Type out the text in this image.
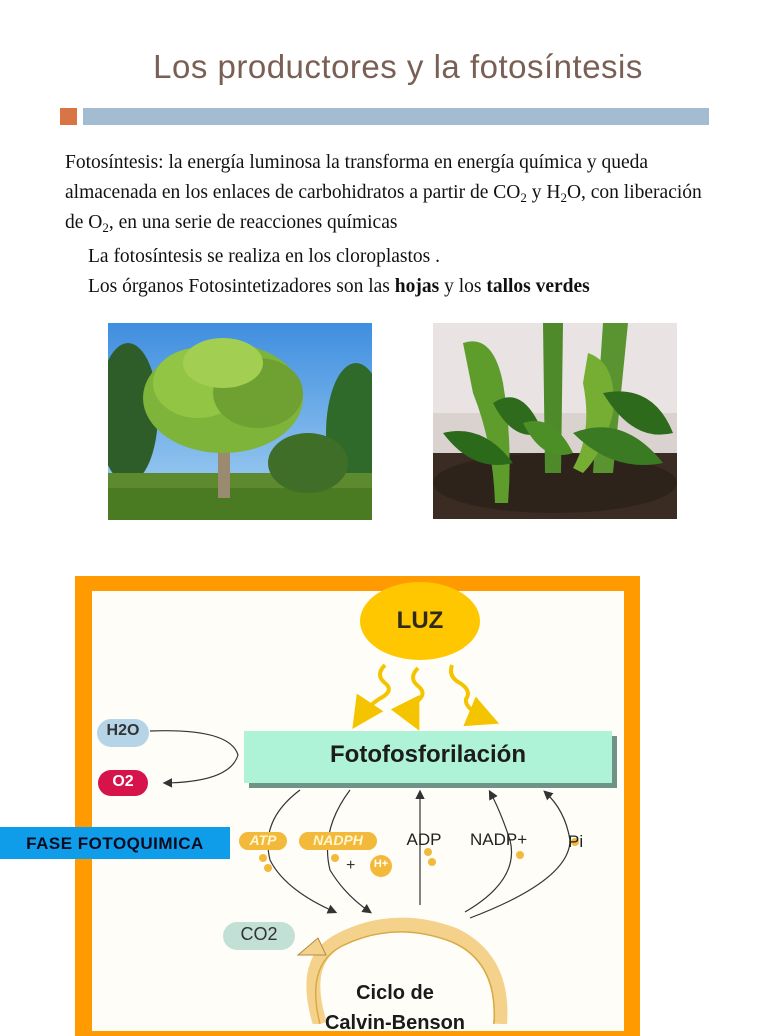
Los productores y la fotosíntesis
Fotosíntesis: la energía luminosa la transforma en energía química y queda almacenada en los enlaces de carbohidratos a partir de $CO_2$ y $H_2O$, con liberación de $O_2$, en una serie de reacciones químicas
La fotosíntesis se realiza en los cloroplastos .
Los órganos Fotosintetizadores son las hojas y los tallos verdes
LUZ
Fotofosforilación
H2O
O2
FASE FOTOQUIMICA	ATP	NADPH
+	H+
ADP	NADP+ Pi
CO2
Ciclo de
Calvin-Benson
